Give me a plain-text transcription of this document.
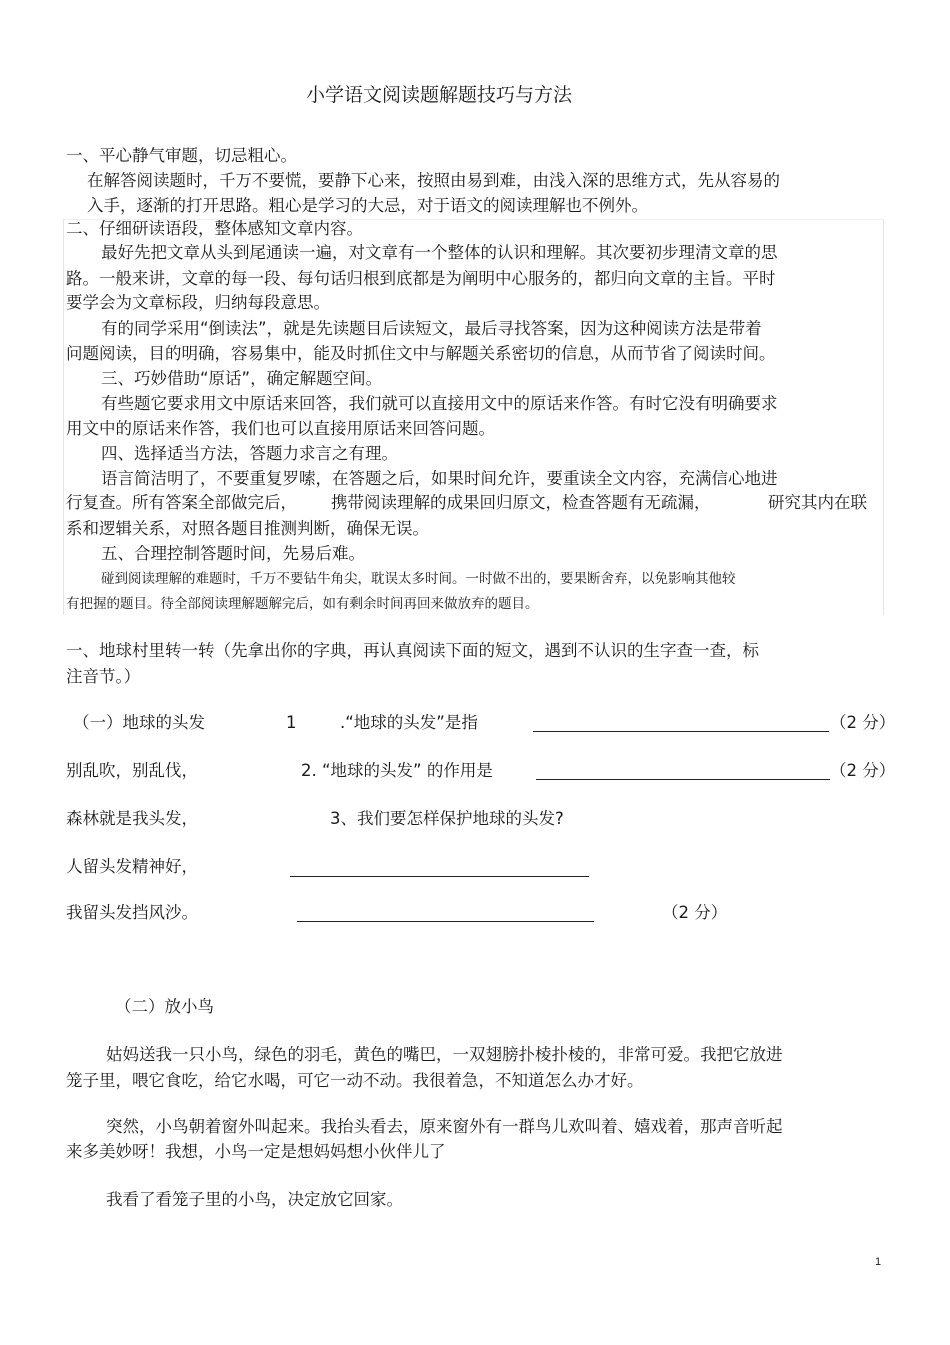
小学语文阅读题解题技巧与方法
一、平心静气审题，切忌粗心。
在解答阅读题时，千万不要慌，要静下心来，按照由易到难，由浅入深的思维方式，先从容易的
入手，逐渐的打开思路。粗心是学习的大忌，对于语文的阅读理解也不例外。
二、仔细研读语段，整体感知文章内容。
最好先把文章从头到尾通读一遍，对文章有一个整体的认识和理解。其次要初步理清文章的思
路。一般来讲，文章的每一段、每句话归根到底都是为阐明中心服务的，都归向文章的主旨。平时
要学会为文章标段，归纳每段意思。
有的同学采用“倒读法”，就是先读题目后读短文，最后寻找答案，因为这种阅读方法是带着
问题阅读，目的明确，容易集中，能及时抓住文中与解题关系密切的信息，从而节省了阅读时间。
三、巧妙借助“原话”，确定解题空间。
有些题它要求用文中原话来回答，我们就可以直接用文中的原话来作答。有时它没有明确要求
用文中的原话来作答，我们也可以直接用原话来回答问题。
四、选择适当方法，答题力求言之有理。
语言简洁明了，不要重复罗嗦，在答题之后，如果时间允许，要重读全文内容，充满信心地进
行复查。所有答案全部做完后， 携带阅读理解的成果回归原文，检查答题有无疏漏，	研究其内在联
系和逻辑关系，对照各题目推测判断，确保无误。
五、合理控制答题时间，先易后难。
碰到阅读理解的难题时，千万不要钻牛角尖，耽误太多时间。一时做不出的，要果断舍弃，以免影响其他较
有把握的题目。待全部阅读理解题解完后，如有剩余时间再回来做放弃的题目。
一、地球村里转一转（先拿出你的字典，再认真阅读下面的短文，遇到不认识的生字查一查，标
注音节。）
（一）地球的头发
别乱吹，别乱伐，
森林就是我头发，
人留头发精神好，
我留头发挡风沙。
1	.“地球的头发”是指	（2 分）
2. “地球的头发” 的作用是	（2 分）
3、我们要怎样保护地球的头发?
（2 分）
（二）放小鸟
姑妈送我一只小鸟，绿色的羽毛，黄色的嘴巴，一双翅膀扑棱扑棱的，非常可爱。我把它放进
笼子里，喂它食吃，给它水喝，可它一动不动。我很着急，不知道怎么办才好。
突然，小鸟朝着窗外叫起来。我抬头看去，原来窗外有一群鸟儿欢叫着、嬉戏着，那声音听起
来多美妙呀！我想，小鸟一定是想妈妈想小伙伴儿了
我看了看笼子里的小鸟，决定放它回家。
1
